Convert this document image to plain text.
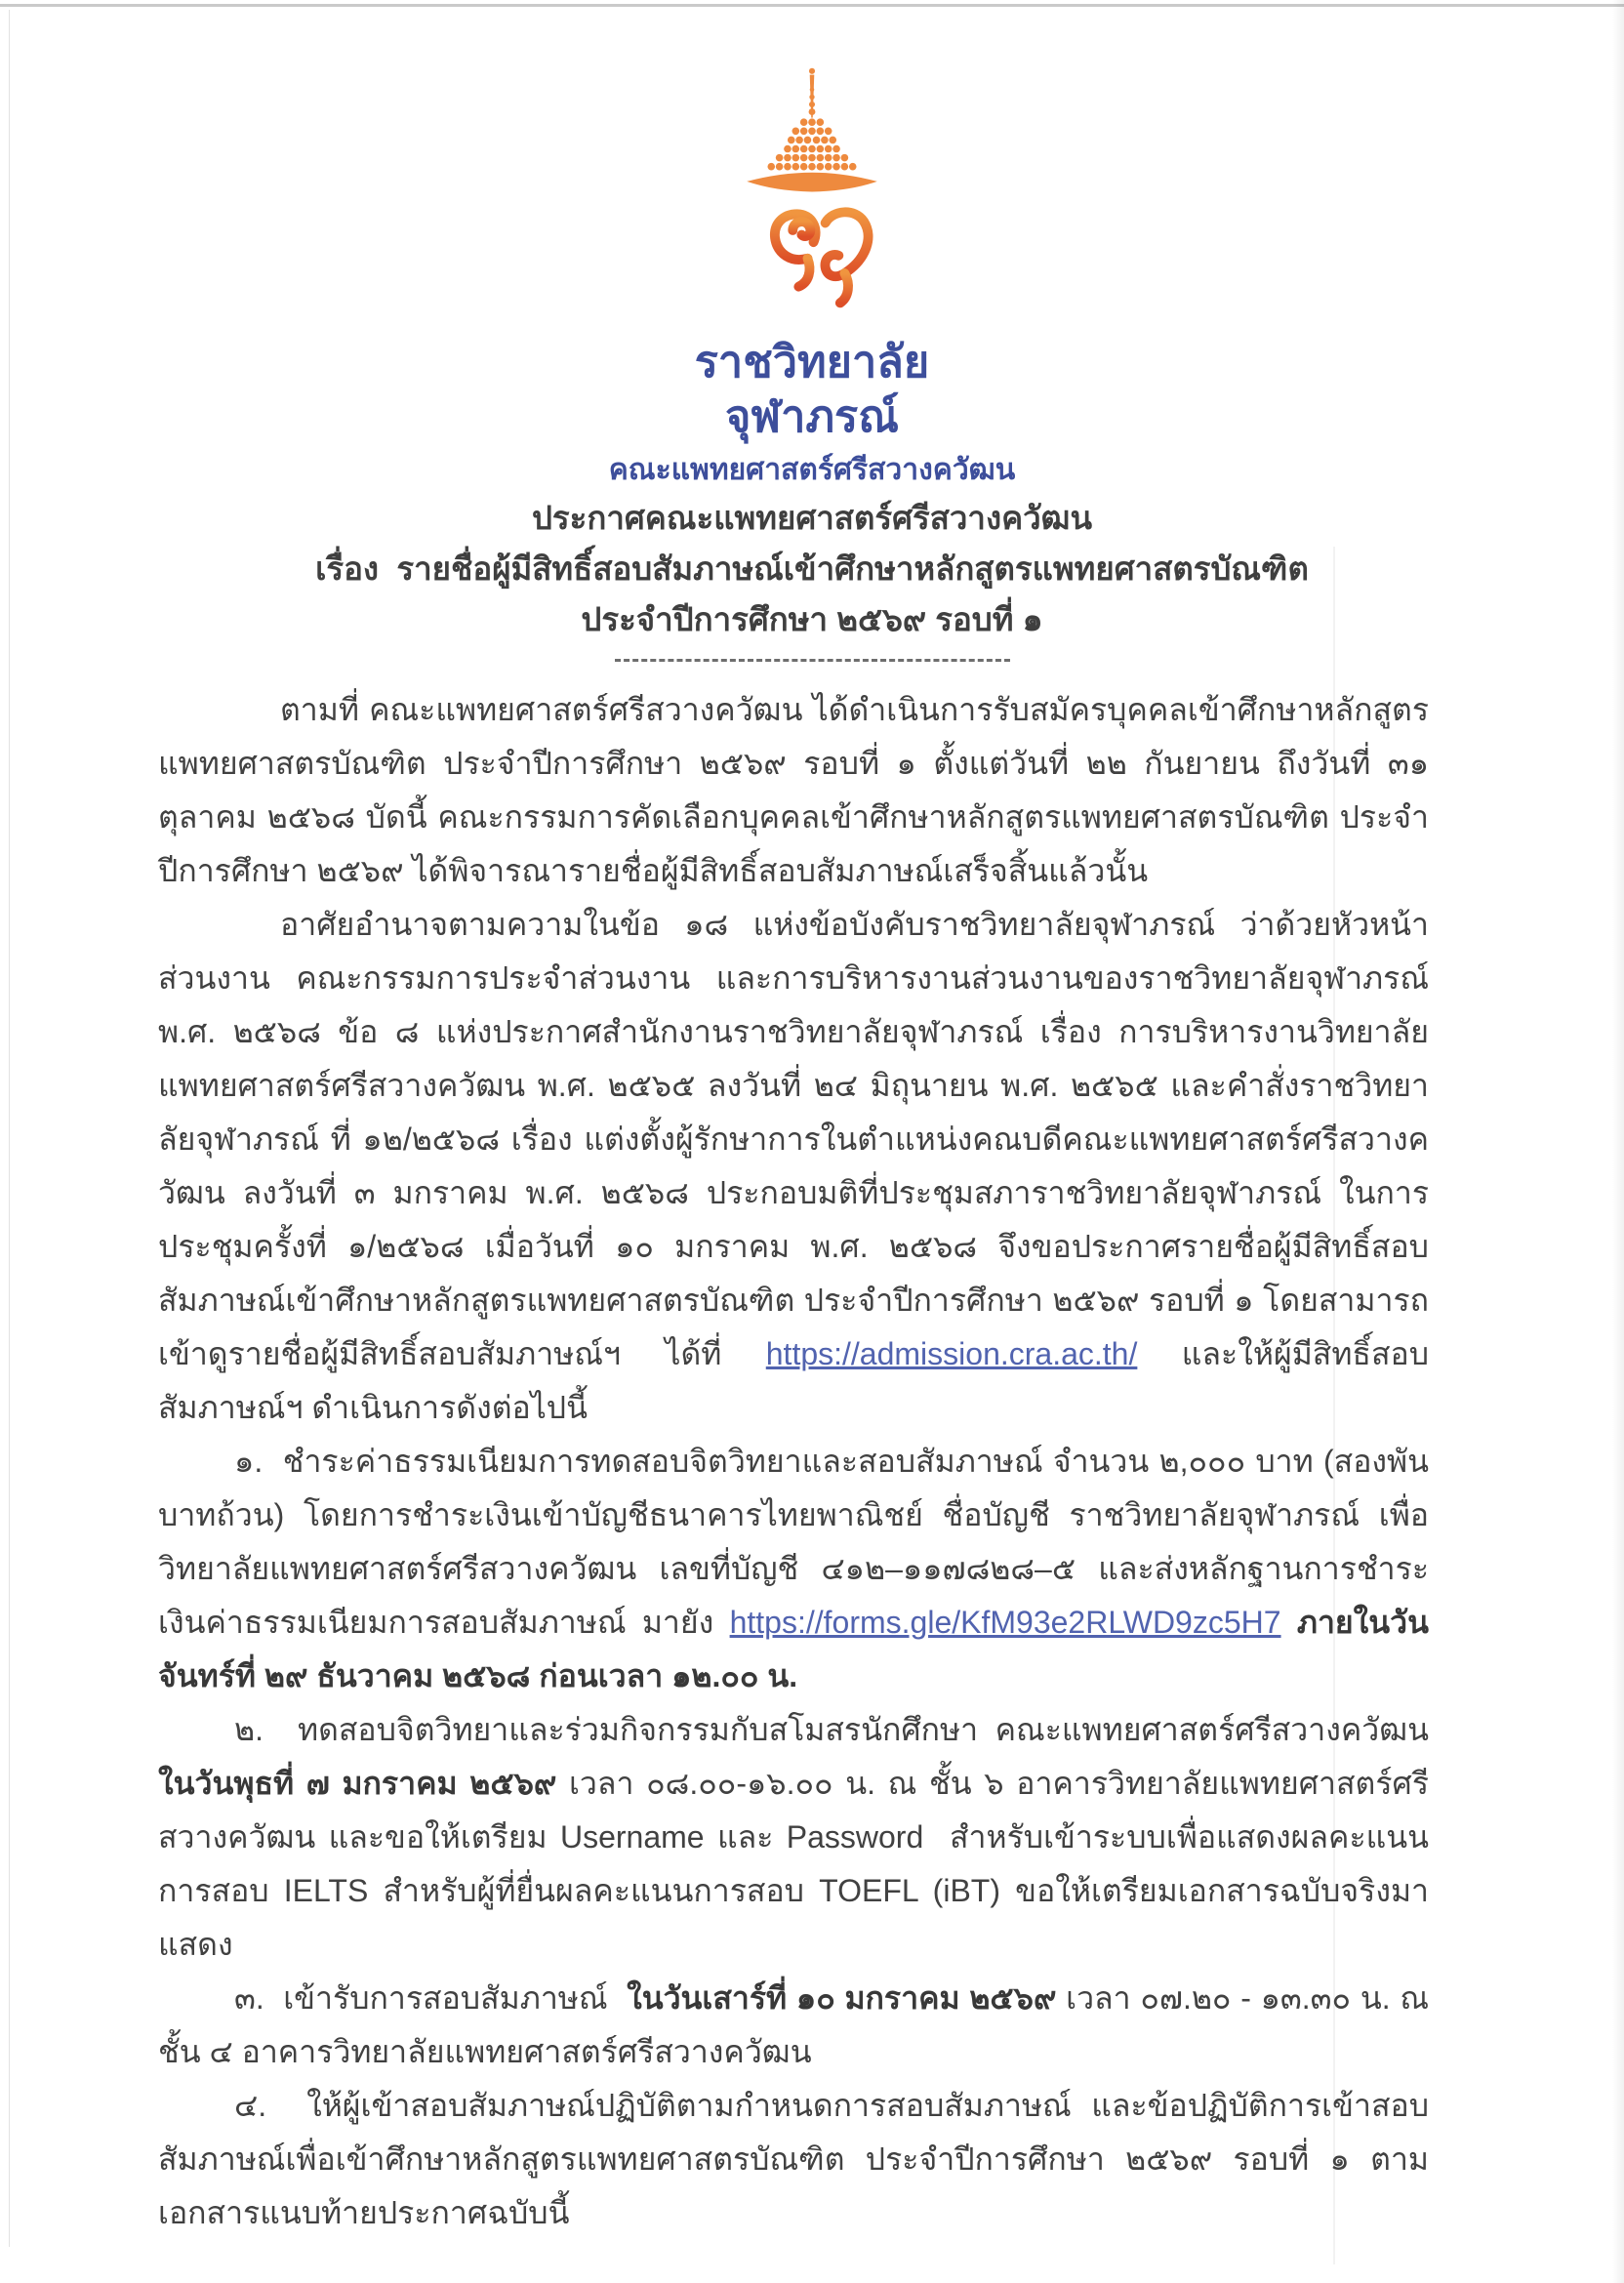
ราชวิทยาลัย
จุฬาภรณ์
คณะแพทยศาสตร์ศรีสวางควัฒน
ประกาศคณะแพทยศาสตร์ศรีสวางควัฒน
เรื่อง  รายชื่อผู้มีสิทธิ์สอบสัมภาษณ์เข้าศึกษาหลักสูตรแพทยศาสตรบัณฑิต
ประจำปีการศึกษา ๒๕๖๙ รอบที่ ๑

ตามที่ คณะแพทยศาสตร์ศรีสวางควัฒน ได้ดำเนินการรับสมัครบุคคลเข้าศึกษาหลักสูตรแพทยศาสตรบัณฑิต ประจำปีการศึกษา ๒๕๖๙ รอบที่ ๑ ตั้งแต่วันที่ ๒๒ กันยายน ถึงวันที่ ๓๑ ตุลาคม ๒๕๖๘ บัดนี้ คณะกรรมการคัดเลือกบุคคลเข้าศึกษาหลักสูตรแพทยศาสตรบัณฑิต ประจำปีการศึกษา ๒๕๖๙ ได้พิจารณารายชื่อผู้มีสิทธิ์สอบสัมภาษณ์เสร็จสิ้นแล้วนั้น

อาศัยอำนาจตามความในข้อ ๑๘ แห่งข้อบังคับราชวิทยาลัยจุฬาภรณ์ ว่าด้วยหัวหน้าส่วนงาน คณะกรรมการประจำส่วนงาน และการบริหารงานส่วนงานของราชวิทยาลัยจุฬาภรณ์ พ.ศ. ๒๕๖๘ ข้อ ๘ แห่งประกาศสำนักงานราชวิทยาลัยจุฬาภรณ์ เรื่อง การบริหารงานวิทยาลัยแพทยศาสตร์ศรีสวางควัฒน พ.ศ. ๒๕๖๕ ลงวันที่ ๒๔ มิถุนายน พ.ศ. ๒๕๖๕ และคำสั่งราชวิทยาลัยจุฬาภรณ์ ที่ ๑๒/๒๕๖๘ เรื่อง แต่งตั้งผู้รักษาการในตำแหน่งคณบดีคณะแพทยศาสตร์ศรีสวางควัฒน ลงวันที่ ๓ มกราคม พ.ศ. ๒๕๖๘ ประกอบมติที่ประชุมสภาราชวิทยาลัยจุฬาภรณ์ ในการประชุมครั้งที่ ๑/๒๕๖๘ เมื่อวันที่ ๑๐ มกราคม พ.ศ. ๒๕๖๘ จึงขอประกาศรายชื่อผู้มีสิทธิ์สอบสัมภาษณ์เข้าศึกษาหลักสูตรแพทยศาสตรบัณฑิต ประจำปีการศึกษา ๒๕๖๙ รอบที่ ๑ โดยสามารถเข้าดูรายชื่อผู้มีสิทธิ์สอบสัมภาษณ์ฯ ได้ที่ https://admission.cra.ac.th/ และให้ผู้มีสิทธิ์สอบสัมภาษณ์ฯ ดำเนินการดังต่อไปนี้

๑.  ชำระค่าธรรมเนียมการทดสอบจิตวิทยาและสอบสัมภาษณ์ จำนวน ๒,๐๐๐ บาท (สองพันบาทถ้วน) โดยการชำระเงินเข้าบัญชีธนาคารไทยพาณิชย์ ชื่อบัญชี ราชวิทยาลัยจุฬาภรณ์ เพื่อวิทยาลัยแพทยศาสตร์ศรีสวางควัฒน เลขที่บัญชี ๔๑๒–๑๑๗๘๒๘–๕ และส่งหลักฐานการชำระเงินค่าธรรมเนียมการสอบสัมภาษณ์ มายัง https://forms.gle/KfM93e2RLWD9zc5H7 ภายในวันจันทร์ที่ ๒๙ ธันวาคม ๒๕๖๘ ก่อนเวลา ๑๒.๐๐ น.

๒.  ทดสอบจิตวิทยาและร่วมกิจกรรมกับสโมสรนักศึกษา คณะแพทยศาสตร์ศรีสวางควัฒน ในวันพุธที่ ๗ มกราคม ๒๕๖๙ เวลา ๐๘.๐๐-๑๖.๐๐ น. ณ ชั้น ๖ อาคารวิทยาลัยแพทยศาสตร์ศรีสวางควัฒน และขอให้เตรียม Username และ Password  สำหรับเข้าระบบเพื่อแสดงผลคะแนนการสอบ IELTS สำหรับผู้ที่ยื่นผลคะแนนการสอบ TOEFL (iBT) ขอให้เตรียมเอกสารฉบับจริงมาแสดง

๓.  เข้ารับการสอบสัมภาษณ์  ในวันเสาร์ที่ ๑๐ มกราคม ๒๕๖๙ เวลา ๐๗.๒๐ - ๑๓.๓๐ น. ณ ชั้น ๔ อาคารวิทยาลัยแพทยศาสตร์ศรีสวางควัฒน

๔.  ให้ผู้เข้าสอบสัมภาษณ์ปฏิบัติตามกำหนดการสอบสัมภาษณ์ และข้อปฏิบัติการเข้าสอบสัมภาษณ์เพื่อเข้าศึกษาหลักสูตรแพทยศาสตรบัณฑิต ประจำปีการศึกษา ๒๕๖๙ รอบที่ ๑ ตามเอกสารแนบท้ายประกาศฉบับนี้
